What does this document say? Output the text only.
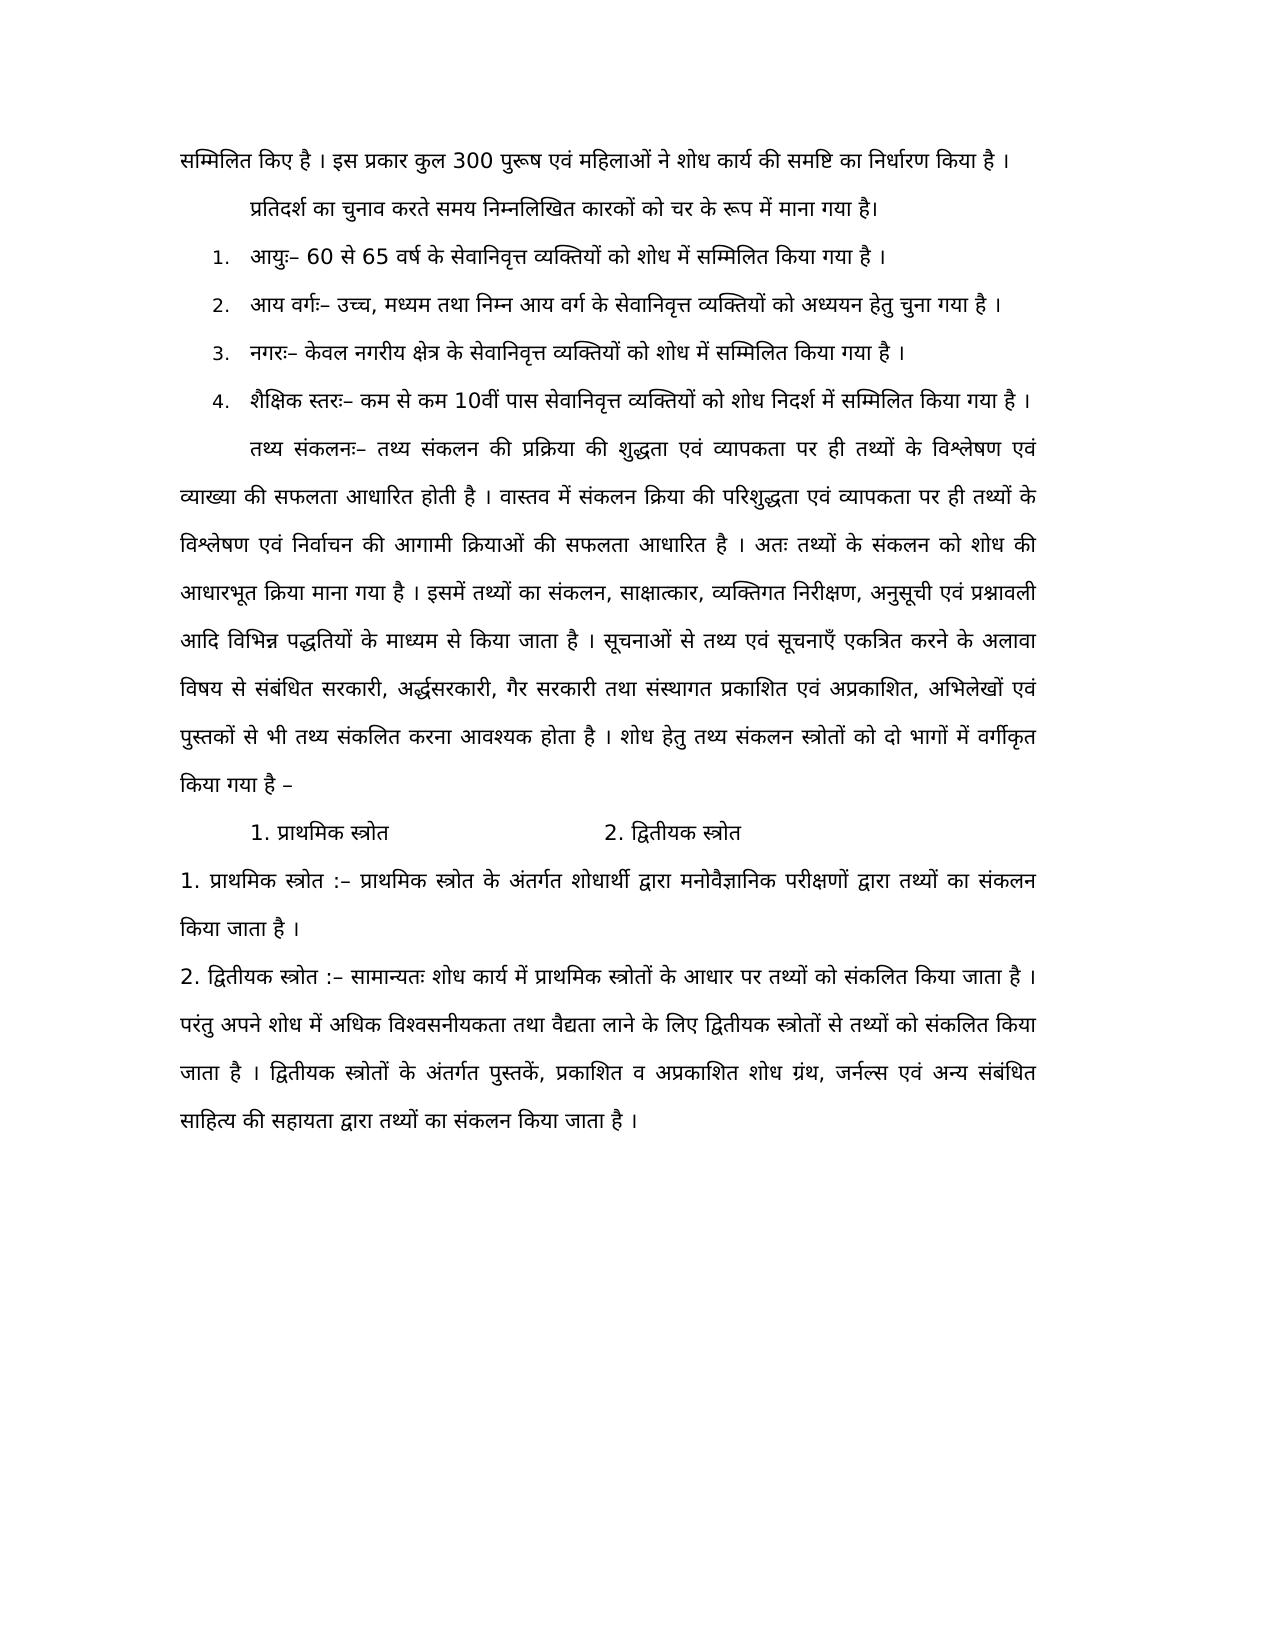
सम्मिलित किए है । इस प्रकार कुल 300 पुरूष एवं महिलाओं ने शोध कार्य की समष्टि का निर्धारण किया है ।

प्रतिदर्श का चुनाव करते समय निम्नलिखित कारकों को चर के रूप में माना गया है।

1. आयुः– 60 से 65 वर्ष के सेवानिवृत्त व्यक्तियों को शोध में सम्मिलित किया गया है ।
2. आय वर्गः– उच्च, मध्यम तथा निम्न आय वर्ग के सेवानिवृत्त व्यक्तियों को अध्ययन हेतु चुना गया है ।
3. नगरः– केवल नगरीय क्षेत्र के सेवानिवृत्त व्यक्तियों को शोध में सम्मिलित किया गया है ।
4. शैक्षिक स्तरः– कम से कम 10वीं पास सेवानिवृत्त व्यक्तियों को शोध निदर्श में सम्मिलित किया गया है ।

तथ्य संकलनः– तथ्य संकलन की प्रक्रिया की शुद्धता एवं व्यापकता पर ही तथ्यों के विश्लेषण एवं व्याख्या की सफलता आधारित होती है । वास्तव में संकलन क्रिया की परिशुद्धता एवं व्यापकता पर ही तथ्यों के विश्लेषण एवं निर्वाचन की आगामी क्रियाओं की सफलता आधारित है । अतः तथ्यों के संकलन को शोध की आधारभूत क्रिया माना गया है । इसमें तथ्यों का संकलन, साक्षात्कार, व्यक्तिगत निरीक्षण, अनुसूची एवं प्रश्नावली आदि विभिन्न पद्धतियों के माध्यम से किया जाता है । सूचनाओं से तथ्य एवं सूचनाएँ एकत्रित करने के अलावा विषय से संबंधित सरकारी, अर्द्धसरकारी, गैर सरकारी तथा संस्थागत प्रकाशित एवं अप्रकाशित, अभिलेखों एवं पुस्तकों से भी तथ्य संकलित करना आवश्यक होता है । शोध हेतु तथ्य संकलन स्त्रोतों को दो भागों में वर्गीकृत किया गया है –

1. प्राथमिक स्त्रोत	2. द्वितीयक स्त्रोत

1. प्राथमिक स्त्रोत :– प्राथमिक स्त्रोत के अंतर्गत शोधार्थी द्वारा मनोवैज्ञानिक परीक्षणों द्वारा तथ्यों का संकलन किया जाता है ।

2. द्वितीयक स्त्रोत :– सामान्यतः शोध कार्य में प्राथमिक स्त्रोतों के आधार पर तथ्यों को संकलित किया जाता है । परंतु अपने शोध में अधिक विश्वसनीयकता तथा वैद्यता लाने के लिए द्वितीयक स्त्रोतों से तथ्यों को संकलित किया जाता है । द्वितीयक स्त्रोतों के अंतर्गत पुस्तकें, प्रकाशित व अप्रकाशित शोध ग्रंथ, जर्नल्स एवं अन्य संबंधित साहित्य की सहायता द्वारा तथ्यों का संकलन किया जाता है ।
